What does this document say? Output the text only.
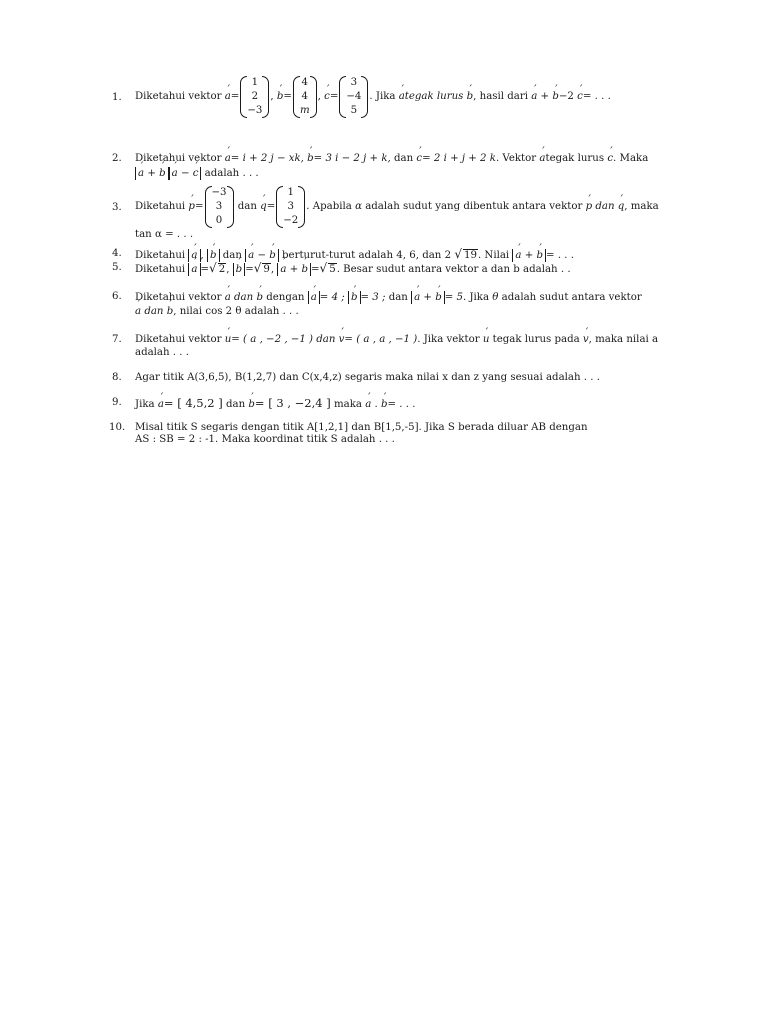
1.	Diketahui vektor a ´=
1
2
−3
, b ´=
4
4
m
, c ´=
3
−4
5
. Jika a ´tegak lurus b ´, hasil dari a ´ + b ´−2 c ´= . . .
2.	Diketahui vektor a ´= i + 2 j − xk, b ´= 3 i − 2 j + k, dan c ´= 2 i + j + 2 k. Vektor a ´tegak lurus c ´. Maka
a ´ + b ´ a ´ − c ´ adalah . . .
3.	Diketahui p ´=
−3
3
0
dan q ´=
1
3
−2
. Apabila α adalah sudut yang dibentuk antara vektor p ´ dan q ´, maka
tan α = . . .
4.	Diketahui a ´ , b ´ dan a ´ − b ´ berturut-turut adalah 4, 6, dan 2 √ 19. Nilai a ´ + b ´ = . . .
5.	Diketahui a ´ =√ 2, b ´ =√ 9, a ´ + b ´ =√ 5. Besar sudut antara vektor a dan b adalah . .
6.	Diketahui vektor a ´ dan b ´ dengan a ´ = 4 ; b ´ = 3 ; dan a ´ + b ´ = 5. Jika θ adalah sudut antara vektor
a ´ dan b ´, nilai cos 2 θ adalah . . .
7.	Diketahui vektor u ´= ( a , −2 , −1 ) dan v ´= ( a , a , −1 ). Jika vektor u ´ tegak lurus pada v ´, maka nilai a
adalah . . .
8.	Agar titik A(3,6,5), B(1,2,7) dan C(x,4,z) segaris maka nilai x dan z yang sesuai adalah . . .
9.	Jika a ´= [ 4,5,2 ] dan b ´= [ 3 , −2,4 ] maka a ´ . b ´= . . .
10. Misal titik S segaris dengan titik A[1,2,1] dan B[1,5,-5]. Jika S berada diluar AB dengan
AS : SB = 2 : -1. Maka koordinat titik S adalah . . .
